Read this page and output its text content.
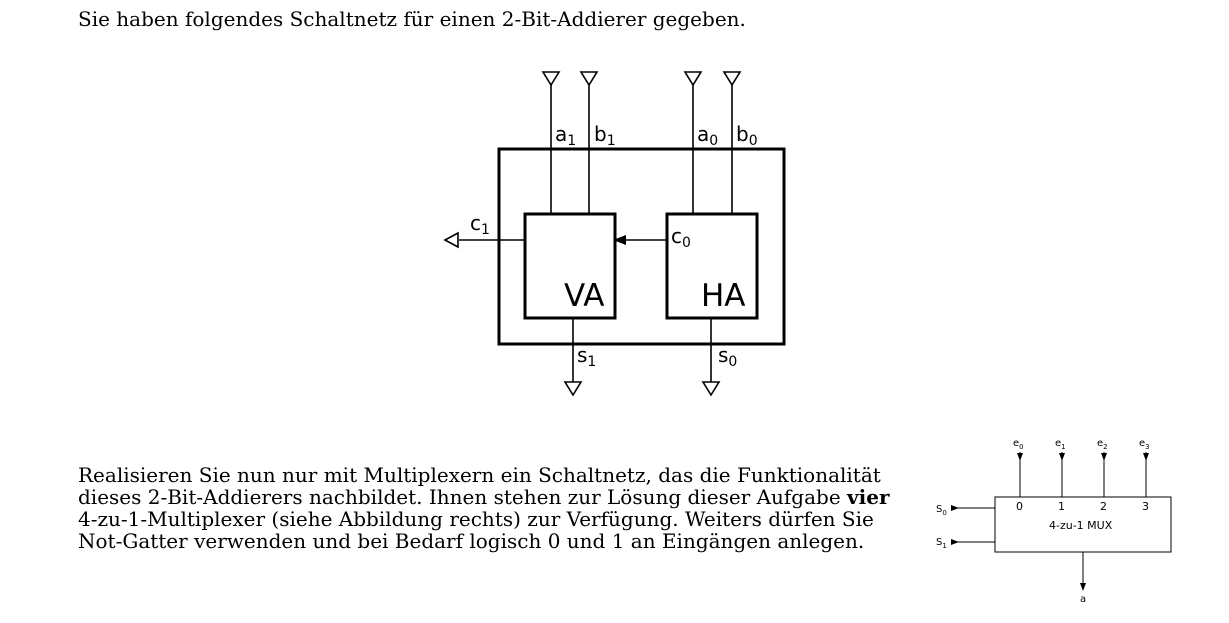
Sie haben folgendes Schaltnetz für einen 2-Bit-Addierer gegeben.
Realisieren Sie nun nur mit Multiplexern ein Schaltnetz, das die Funktionalität
dieses 2-Bit-Addierers nachbildet. Ihnen stehen zur Lösung dieser Aufgabe vier
4-zu-1-Multiplexer (siehe Abbildung rechts) zur Verfügung. Weiters dürfen Sie
Not-Gatter verwenden und bei Bedarf logisch 0 und 1 an Eingängen anlegen.
VA	HA
$a_1$ $b_1$	$a_0$ $b_0$
$c_1$	$c_0$
$s_1$	$s_0$
$e_0$	$e_1$	$e_2$	$e_3$
0	1	2	3
4-zu-1 MUX
$S_0$
$S_1$
a
